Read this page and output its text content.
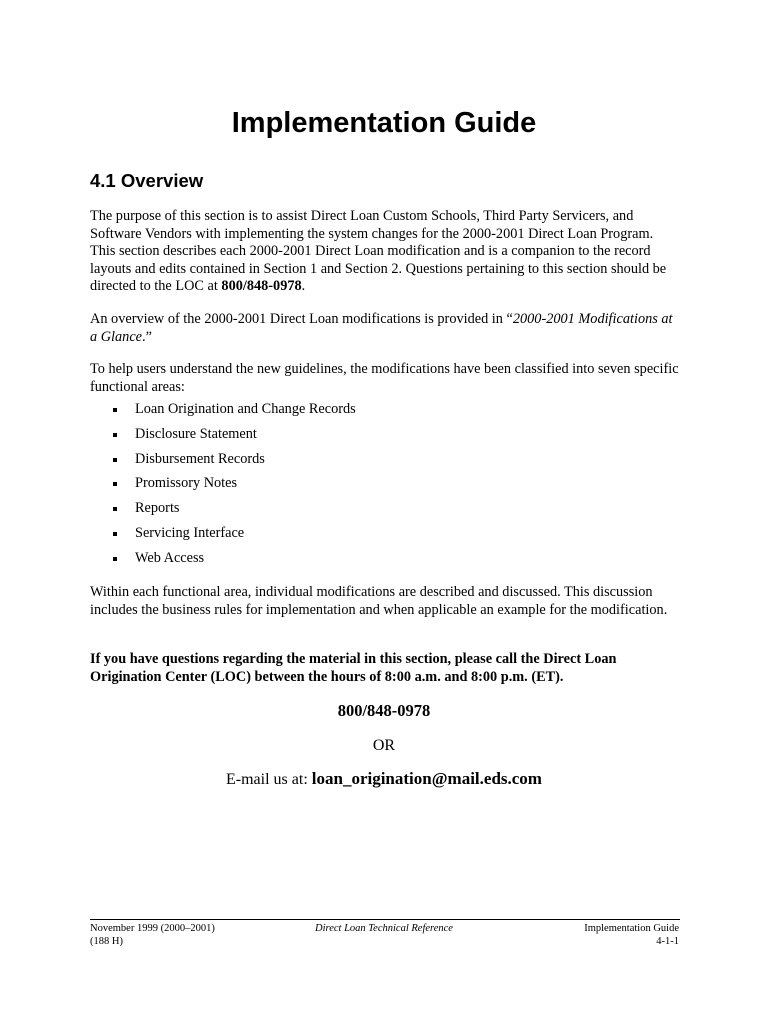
Implementation Guide
4.1 Overview

The purpose of this section is to assist Direct Loan Custom Schools, Third Party Servicers, and Software Vendors with implementing the system changes for the 2000-2001 Direct Loan Program. This section describes each 2000-2001 Direct Loan modification and is a companion to the record layouts and edits contained in Section 1 and Section 2. Questions pertaining to this section should be directed to the LOC at 800/848-0978.

An overview of the 2000-2001 Direct Loan modifications is provided in “2000-2001 Modifications at a Glance.”

To help users understand the new guidelines, the modifications have been classified into seven specific functional areas:

Loan Origination and Change Records
Disclosure Statement
Disbursement Records
Promissory Notes
Reports
Servicing Interface
Web Access

Within each functional area, individual modifications are described and discussed. This discussion includes the business rules for implementation and when applicable an example for the modification.

If you have questions regarding the material in this section, please call the Direct Loan Origination Center (LOC) between the hours of 8:00 a.m. and 8:00 p.m. (ET).

800/848-0978

OR

E-mail us at: loan_origination@mail.eds.com

November 1999 (2000–2001)
(188 H)
Direct Loan Technical Reference	Implementation Guide
4-1-1
